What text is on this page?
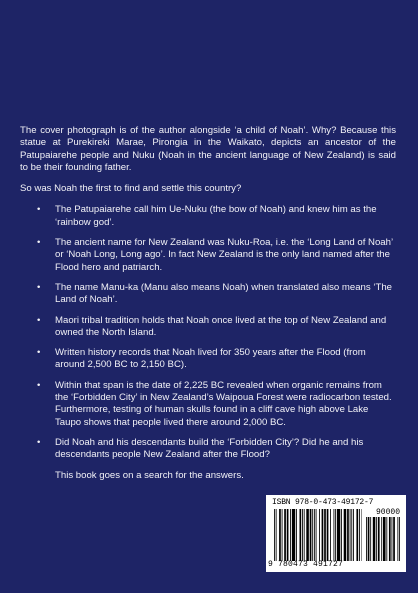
The cover photograph is of the author alongside ‘a child of Noah’. Why? Because this statue at Purekireki Marae, Pirongia in the Waikato, depicts an ancestor of the Patupaiarehe people and Nuku (Noah in the ancient language of New Zealand) is said to be their founding father.

So was Noah the first to find and settle this country?

• The Patupaiarehe call him Ue-Nuku (the bow of Noah) and knew him as the ‘rainbow god’.
• The ancient name for New Zealand was Nuku-Roa, i.e. the ‘Long Land of Noah’ or ‘Noah Long, Long ago’. In fact New Zealand is the only land named after the Flood hero and patriarch.
• The name Manu-ka (Manu also means Noah) when translated also means ‘The Land of Noah’.
• Maori tribal tradition holds that Noah once lived at the top of New Zealand and owned the North Island.
• Written history records that Noah lived for 350 years after the Flood (from around 2,500 BC to 2,150 BC).
• Within that span is the date of 2,225 BC revealed when organic remains from the ‘Forbidden City’ in New Zealand’s Waipoua Forest were radiocarbon tested. Furthermore, testing of human skulls found in a cliff cave high above Lake Taupo shows that people lived there around 2,000 BC.
• Did Noah and his descendants build the ‘Forbidden City’? Did he and his descendants people New Zealand after the Flood?

This book goes on a search for the answers.

ISBN 978-0-473-49172-7
90000
9 780473 491727
